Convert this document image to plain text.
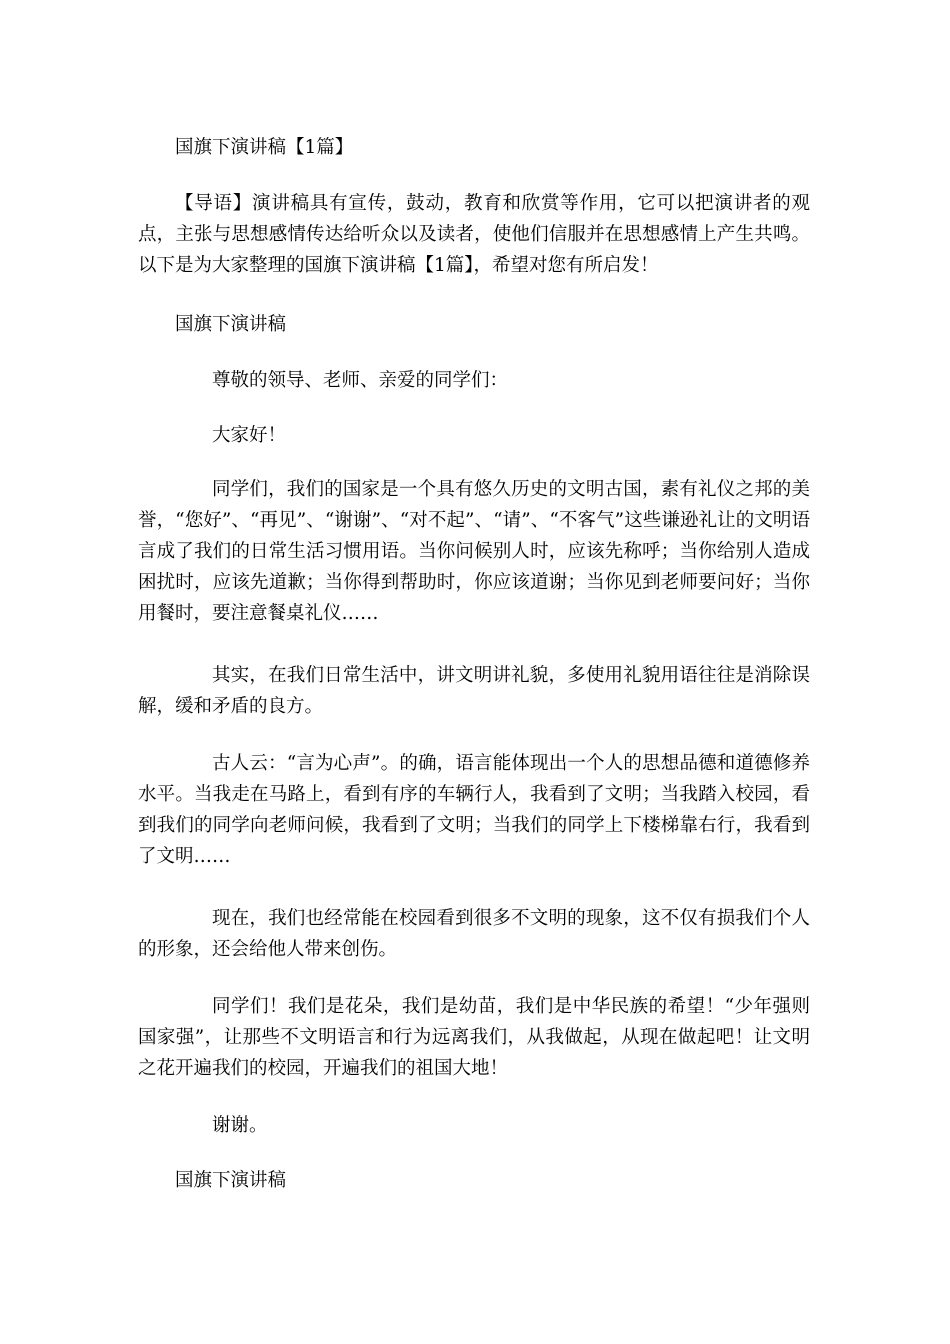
国旗下演讲稿【1篇】
【导语】演讲稿具有宣传，鼓动，教育和欣赏等作用，它可以把演讲者的观点，主张与思想感情传达给听众以及读者，使他们信服并在思想感情上产生共鸣。以下是为大家整理的国旗下演讲稿【1篇】，希望对您有所启发！
国旗下演讲稿
尊敬的领导、老师、亲爱的同学们：
大家好！
同学们，我们的国家是一个具有悠久历史的文明古国，素有礼仪之邦的美誉，“您好”、“再见”、“谢谢”、“对不起”、“请”、“不客气”这些谦逊礼让的文明语言成了我们的日常生活习惯用语。当你问候别人时，应该先称呼；当你给别人造成困扰时，应该先道歉；当你得到帮助时，你应该道谢；当你见到老师要问好；当你用餐时，要注意餐桌礼仪……
其实，在我们日常生活中，讲文明讲礼貌，多使用礼貌用语往往是消除误解，缓和矛盾的良方。
古人云：“言为心声”。的确，语言能体现出一个人的思想品德和道德修养水平。当我走在马路上，看到有序的车辆行人，我看到了文明；当我踏入校园，看到我们的同学向老师问候，我看到了文明；当我们的同学上下楼梯靠右行，我看到了文明……
现在，我们也经常能在校园看到很多不文明的现象，这不仅有损我们个人的形象，还会给他人带来创伤。
同学们！我们是花朵，我们是幼苗，我们是中华民族的希望！“少年强则国家强”，让那些不文明语言和行为远离我们，从我做起，从现在做起吧！让文明之花开遍我们的校园，开遍我们的祖国大地！
谢谢。
国旗下演讲稿
